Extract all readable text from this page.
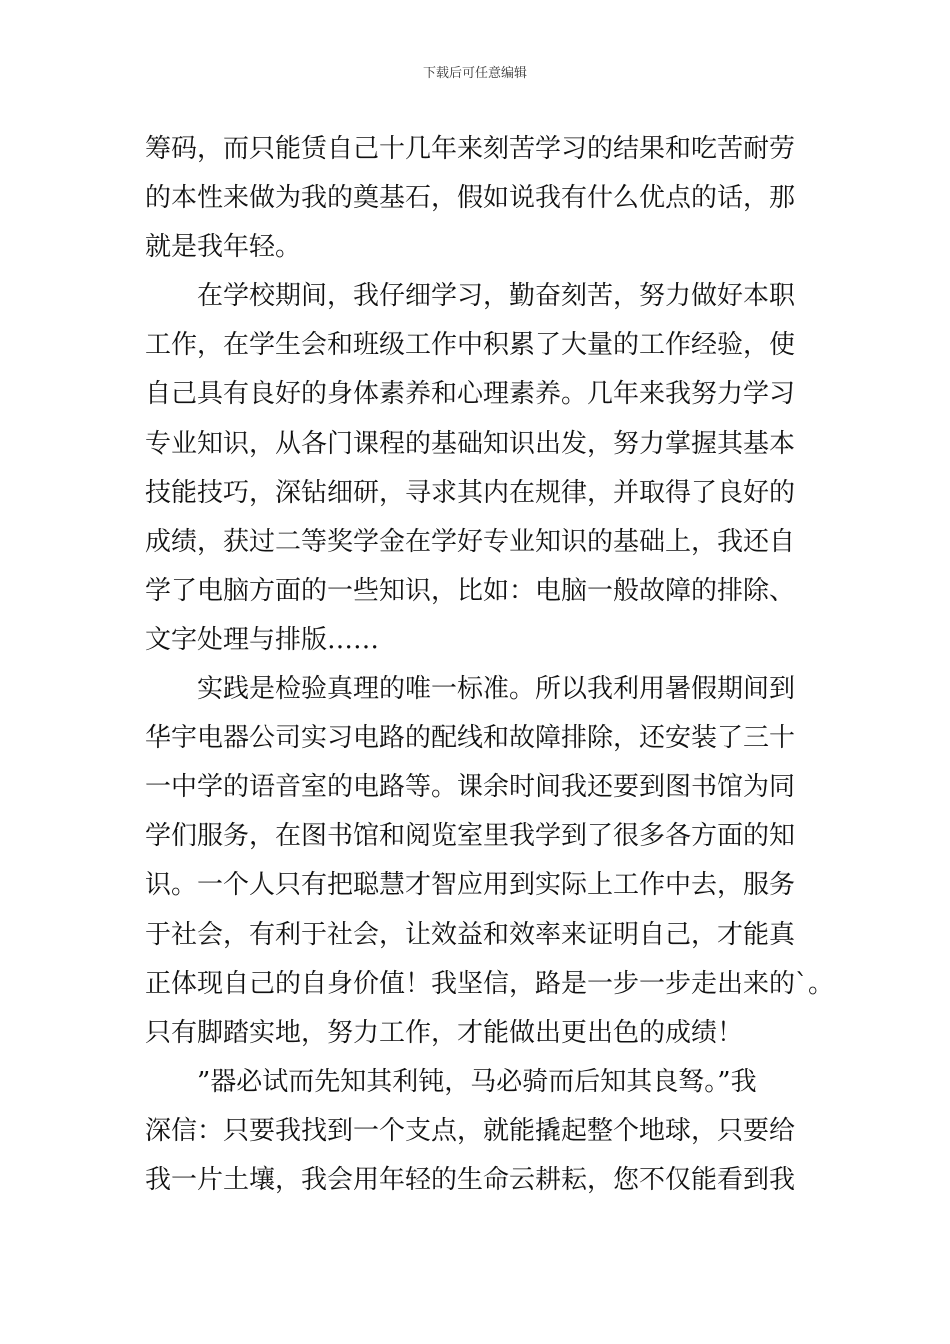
下载后可任意编辑
筹码，而只能赁自己十几年来刻苦学习的结果和吃苦耐劳
的本性来做为我的奠基石，假如说我有什么优点的话，那
就是我年轻。
　　在学校期间，我仔细学习，勤奋刻苦，努力做好本职
工作，在学生会和班级工作中积累了大量的工作经验，使
自己具有良好的身体素养和心理素养。几年来我努力学习
专业知识，从各门课程的基础知识出发，努力掌握其基本
技能技巧，深钻细研，寻求其内在规律，并取得了良好的
成绩，获过二等奖学金在学好专业知识的基础上，我还自
学了电脑方面的一些知识，比如：电脑一般故障的排除、
文字处理与排版……
　　实践是检验真理的唯一标准。所以我利用暑假期间到
华宇电器公司实习电路的配线和故障排除，还安装了三十
一中学的语音室的电路等。课余时间我还要到图书馆为同
学们服务，在图书馆和阅览室里我学到了很多各方面的知
识。一个人只有把聪慧才智应用到实际上工作中去，服务
于社会，有利于社会，让效益和效率来证明自己，才能真
正体现自己的自身价值！我坚信，路是一步一步走出来的`。
只有脚踏实地，努力工作，才能做出更出色的成绩！
　　”器必试而先知其利钝，马必骑而后知其良驽。”我
深信：只要我找到一个支点，就能撬起整个地球，只要给
我一片土壤，我会用年轻的生命云耕耘，您不仅能看到我
